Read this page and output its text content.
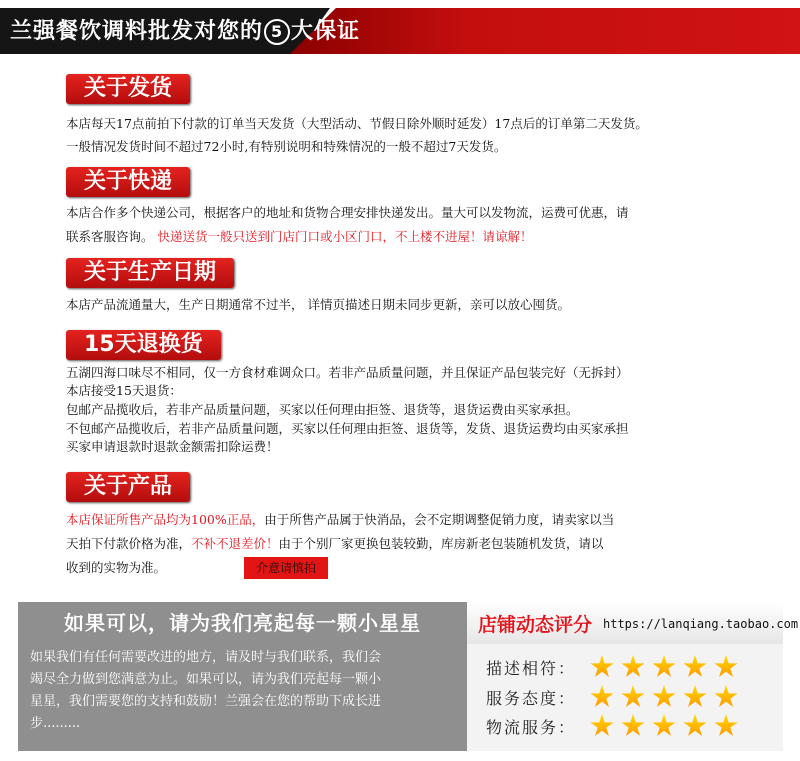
兰强餐饮调料批发对您的 5 大保证
关于发货
本店每天17点前拍下付款的订单当天发货（大型活动、节假日除外顺时延发）17点后的订单第二天发货。
一般情况发货时间不超过72小时,有特别说明和特殊情况的一般不超过7天发货。
关于快递
本店合作多个快递公司，根据客户的地址和货物合理安排快递发出。量大可以发物流，运费可优惠，请
联系客服咨询。 快递送货一般只送到门店门口或小区门口，不上楼不进屋！请谅解！
关于生产日期
本店产品流通量大，生产日期通常不过半， 详情页描述日期未同步更新，亲可以放心囤货。
15天退换货
五湖四海口味尽不相同，仅一方食材难调众口。若非产品质量问题，并且保证产品包装完好（无拆封）
本店接受15天退货：
包邮产品揽收后，若非产品质量问题，买家以任何理由拒签、退货等，退货运费由买家承担。
不包邮产品揽收后，若非产品质量问题，买家以任何理由拒签、退货等，发货、退货运费均由买家承担
买家申请退款时退款金额需扣除运费！
关于产品
本店保证所售产品均为100%正品，由于所售产品属于快消品，会不定期调整促销力度，请卖家以当
天拍下付款价格为准，不补不退差价！由于个别厂家更换包装较勤，库房新老包装随机发货，请以
收到的实物为准。	介意请慎拍
如果可以，请为我们亮起每一颗小星星
如果我们有任何需要改进的地方，请及时与我们联系，我们会
竭尽全力做到您满意为止。如果可以，请为我们亮起每一颗小
星星，我们需要您的支持和鼓励！兰强会在您的帮助下成长进
步.........
店铺动态评分 https://lanqiang.taobao.com
描述相符：
服务态度：
物流服务：
